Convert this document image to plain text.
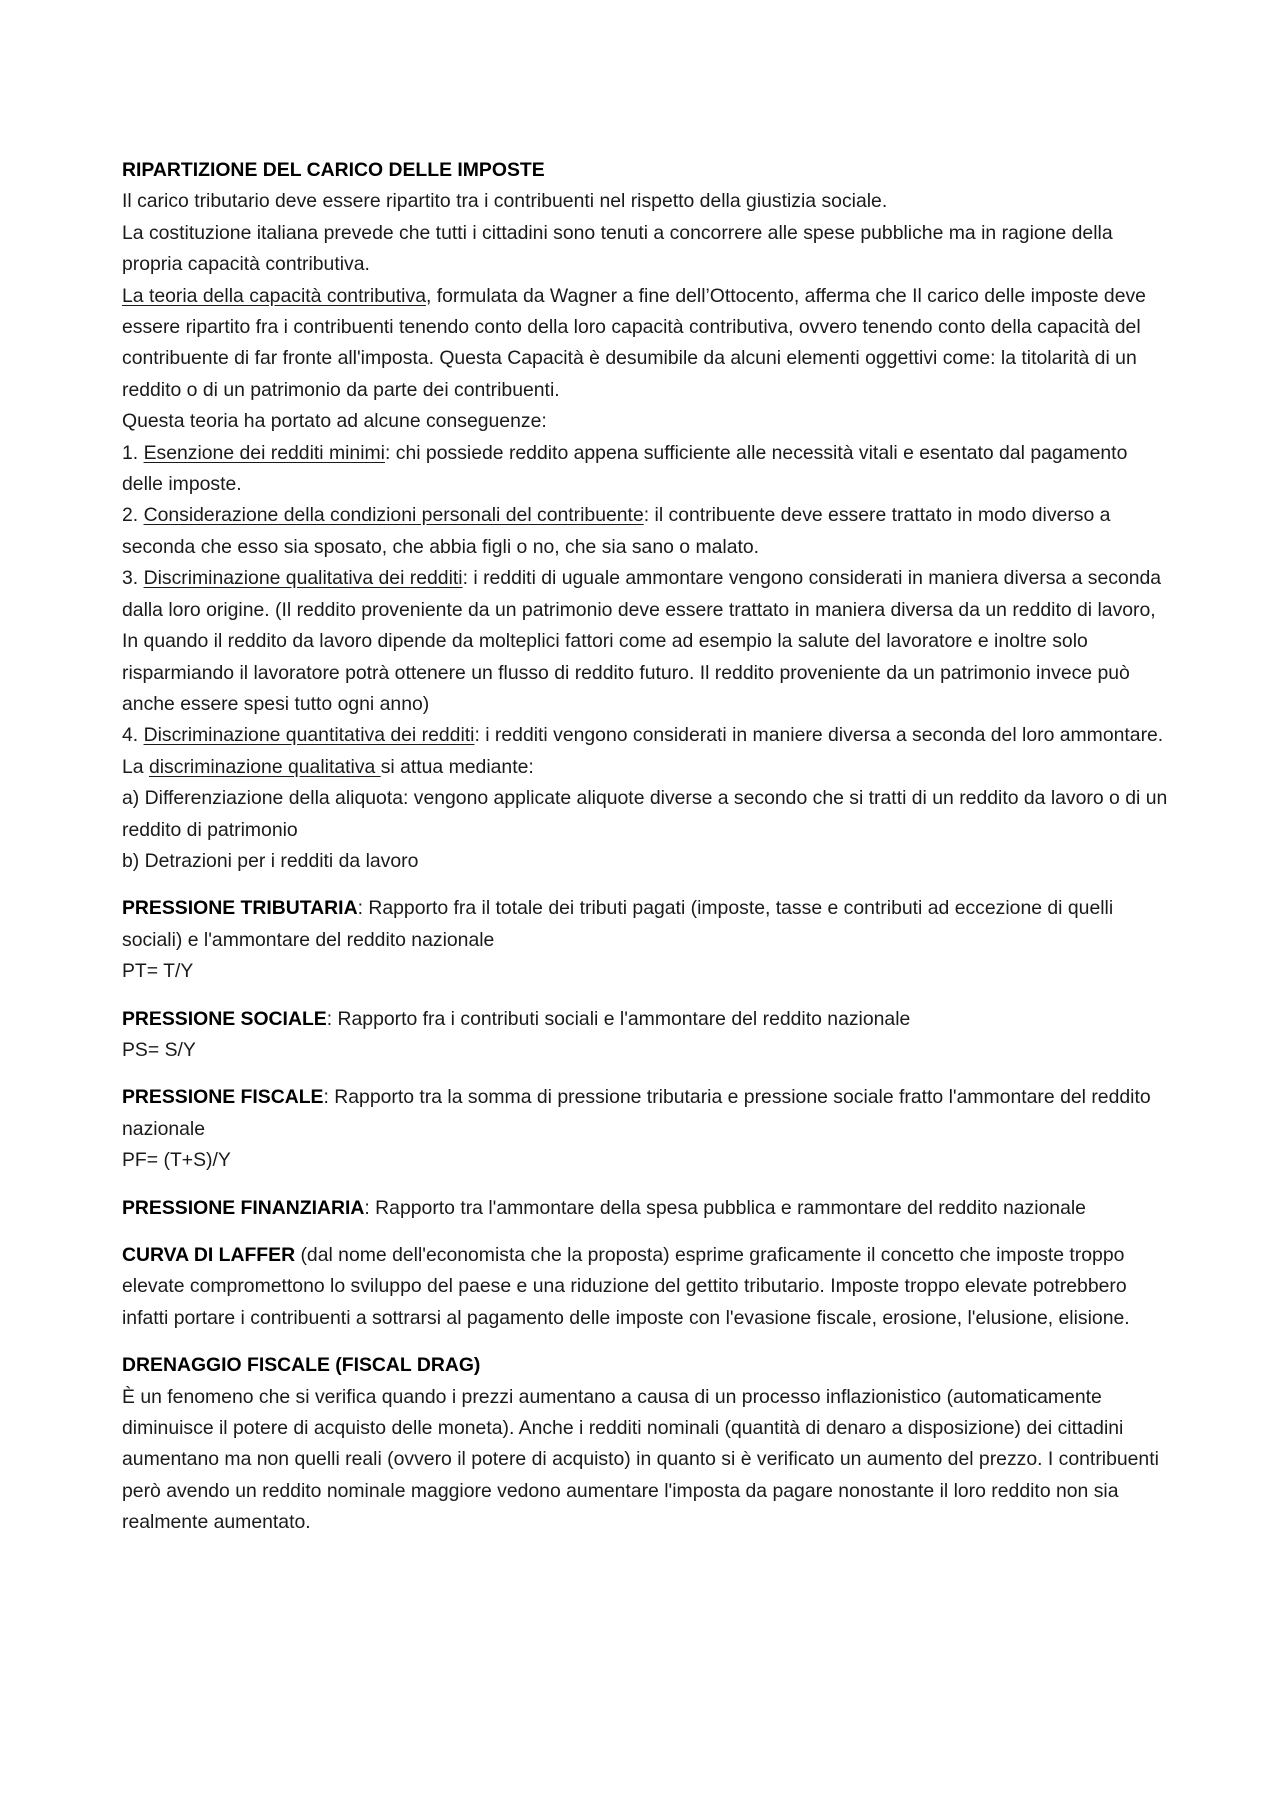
RIPARTIZIONE DEL CARICO DELLE IMPOSTE

Il carico tributario deve essere ripartito tra i contribuenti nel rispetto della giustizia sociale.

La costituzione italiana prevede che tutti i cittadini sono tenuti a concorrere alle spese pubbliche ma in ragione della propria capacità contributiva.

La teoria della capacità contributiva, formulata da Wagner a fine dell’Ottocento, afferma che Il carico delle imposte deve essere ripartito fra i contribuenti tenendo conto della loro capacità contributiva, ovvero tenendo conto della capacità del contribuente di far fronte all'imposta. Questa Capacità è desumibile da alcuni elementi oggettivi come: la titolarità di un reddito o di un patrimonio da parte dei contribuenti.

Questa teoria ha portato ad alcune conseguenze:

1. Esenzione dei redditi minimi: chi possiede reddito appena sufficiente alle necessità vitali e esentato dal pagamento delle imposte.

2. Considerazione della condizioni personali del contribuente: il contribuente deve essere trattato in modo diverso a seconda che esso sia sposato, che abbia figli o no, che sia sano o malato.

3. Discriminazione qualitativa dei redditi: i redditi di uguale ammontare vengono considerati in maniera diversa a seconda dalla loro origine. (Il reddito proveniente da un patrimonio deve essere trattato in maniera diversa da un reddito di lavoro, In quando il reddito da lavoro dipende da molteplici fattori come ad esempio la salute del lavoratore e inoltre solo risparmiando il lavoratore potrà ottenere un flusso di reddito futuro. Il reddito proveniente da un patrimonio invece può anche essere spesi tutto ogni anno)

4. Discriminazione quantitativa dei redditi: i redditi vengono considerati in maniere diversa a seconda del loro ammontare.

La discriminazione qualitativa si attua mediante:

a) Differenziazione della aliquota: vengono applicate aliquote diverse a secondo che si tratti di un reddito da lavoro o di un reddito di patrimonio

b) Detrazioni per i redditi da lavoro

PRESSIONE TRIBUTARIA: Rapporto fra il totale dei tributi pagati (imposte, tasse e contributi ad eccezione di quelli sociali) e l'ammontare del reddito nazionale

PT= T/Y

PRESSIONE SOCIALE: Rapporto fra i contributi sociali e l'ammontare del reddito nazionale

PS= S/Y

PRESSIONE FISCALE: Rapporto tra la somma di pressione tributaria e pressione sociale fratto l'ammontare del reddito nazionale

PF= (T+S)/Y

PRESSIONE FINANZIARIA: Rapporto tra l'ammontare della spesa pubblica e rammontare del reddito nazionale

CURVA DI LAFFER (dal nome dell'economista che la proposta) esprime graficamente il concetto che imposte troppo elevate compromettono lo sviluppo del paese e una riduzione del gettito tributario. Imposte troppo elevate potrebbero infatti portare i contribuenti a sottrarsi al pagamento delle imposte con l'evasione fiscale, erosione, l'elusione, elisione.

DRENAGGIO FISCALE (FISCAL DRAG)

È un fenomeno che si verifica quando i prezzi aumentano a causa di un processo inflazionistico (automaticamente diminuisce il potere di acquisto delle moneta). Anche i redditi nominali (quantità di denaro a disposizione) dei cittadini aumentano ma non quelli reali (ovvero il potere di acquisto) in quanto si è verificato un aumento del prezzo. I contribuenti però avendo un reddito nominale maggiore vedono aumentare l'imposta da pagare nonostante il loro reddito non sia realmente aumentato.
